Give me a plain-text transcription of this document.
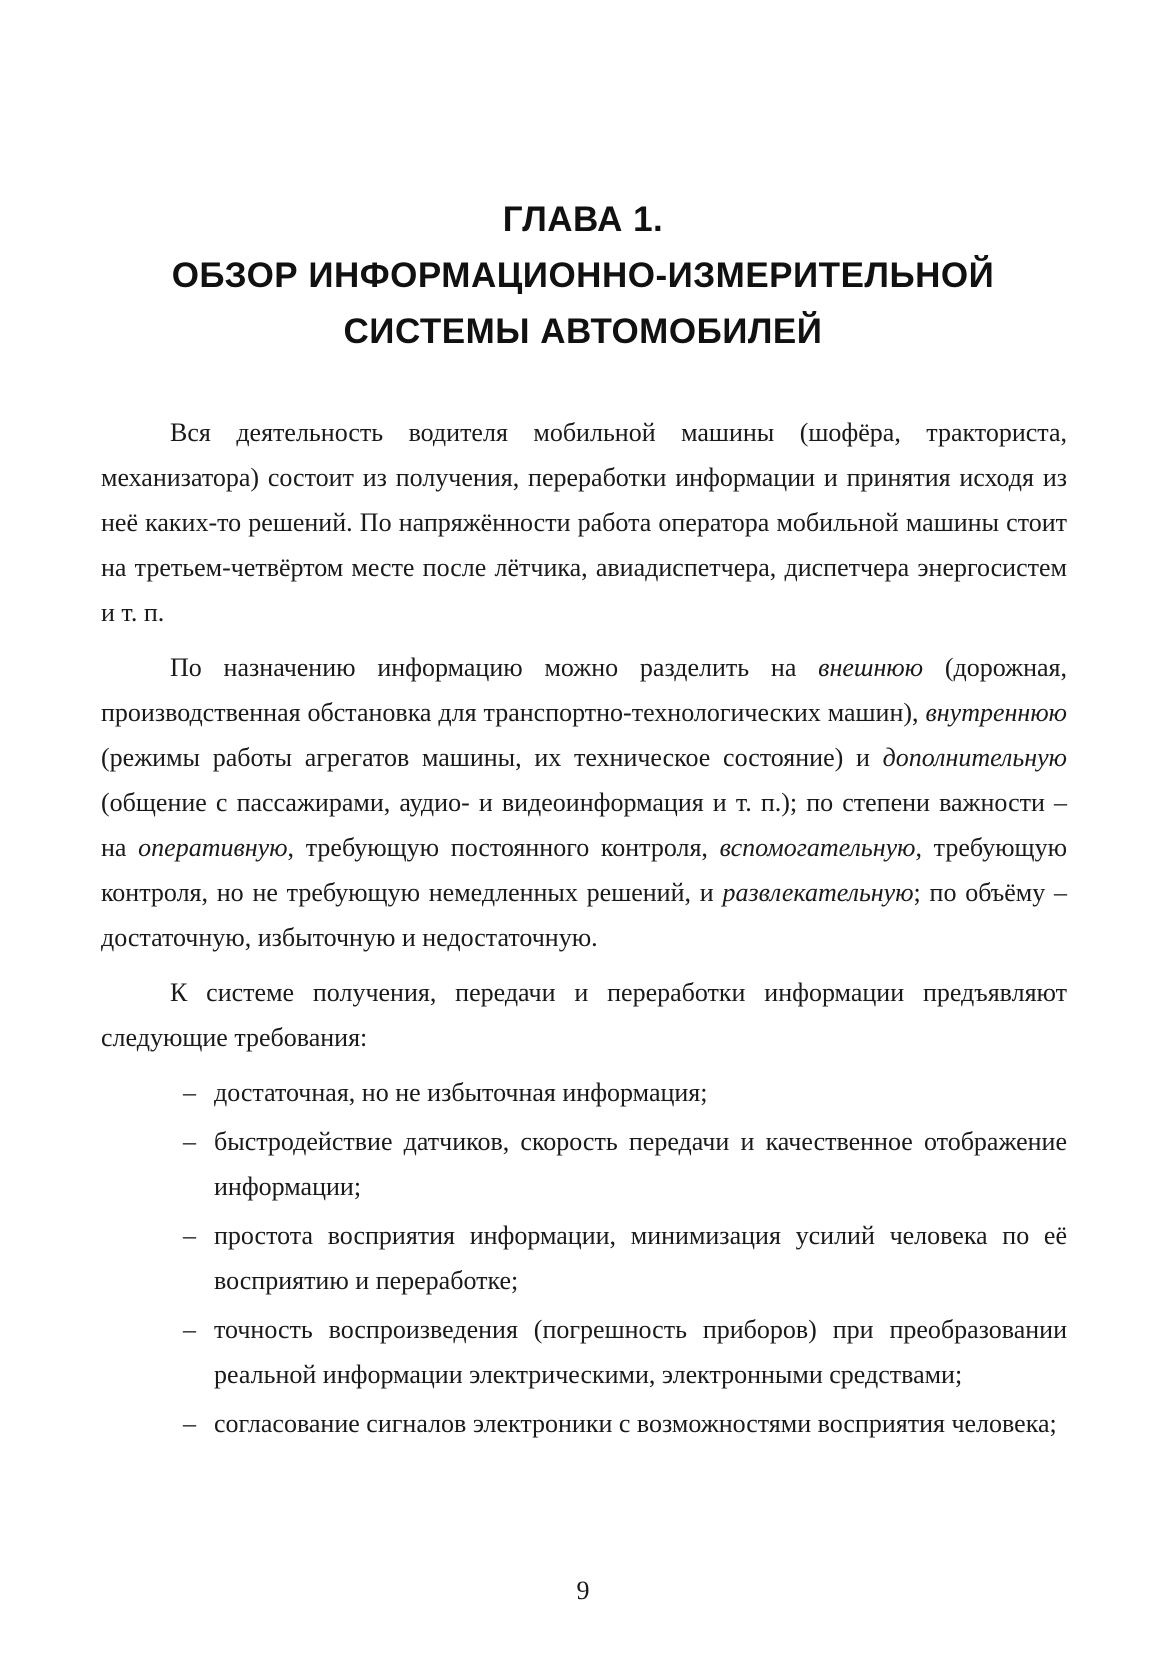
ГЛАВА 1.
ОБЗОР ИНФОРМАЦИОННО-ИЗМЕРИТЕЛЬНОЙ
СИСТЕМЫ АВТОМОБИЛЕЙ

Вся деятельность водителя мобильной машины (шофёра, тракториста, механизатора) состоит из получения, переработки информации и принятия исходя из неё каких-то решений. По напряжённости работа оператора мобильной машины стоит на третьем-четвёртом месте после лётчика, авиадиспетчера, диспетчера энергосистем и т. п.

По назначению информацию можно разделить на внешнюю (дорожная, производственная обстановка для транспортно-технологических машин), внутреннюю (режимы работы агрегатов машины, их техническое состояние) и дополнительную (общение с пассажирами, аудио- и видеоинформация и т. п.); по степени важности – на оперативную, требующую постоянного контроля, вспомогательную, требующую контроля, но не требующую немедленных решений, и развлекательную; по объёму – достаточную, избыточную и недостаточную.

К системе получения, передачи и переработки информации предъявляют следующие требования:

– достаточная, но не избыточная информация;
– быстродействие датчиков, скорость передачи и качественное отображение информации;
– простота восприятия информации, минимизация усилий человека по её восприятию и переработке;
– точность воспроизведения (погрешность приборов) при преобразовании реальной информации электрическими, электронными средствами;
– согласование сигналов электроники с возможностями восприятия человека;
9
